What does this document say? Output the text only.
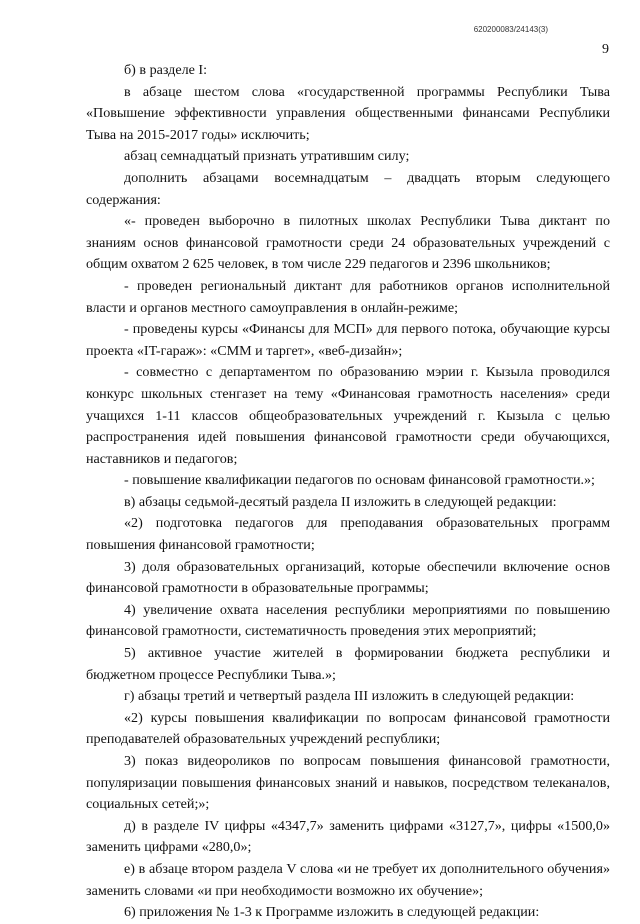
620200083/24143(3)
9

б) в разделе I:

в абзаце шестом слова «государственной программы Республики Тыва «Повышение эффективности управления общественными финансами Республики Тыва на 2015-2017 годы» исключить;

абзац семнадцатый признать утратившим силу;

дополнить абзацами восемнадцатым – двадцать вторым следующего содержания:

«- проведен выборочно в пилотных школах Республики Тыва диктант по знаниям основ финансовой грамотности среди 24 образовательных учреждений с общим охватом 2 625 человек, в том числе 229 педагогов и 2396 школьников;

- проведен региональный диктант для работников органов исполнительной власти и органов местного самоуправления в онлайн-режиме;

- проведены курсы «Финансы для МСП» для первого потока, обучающие курсы проекта «IT-гараж»: «СММ и таргет», «веб-дизайн»;

- совместно с департаментом по образованию мэрии г. Кызыла проводился конкурс школьных стенгазет на тему «Финансовая грамотность населения» среди учащихся 1-11 классов общеобразовательных учреждений г. Кызыла с целью распространения идей повышения финансовой грамотности среди обучающихся, наставников и педагогов;

- повышение квалификации педагогов по основам финансовой грамотности.»;

в) абзацы седьмой-десятый раздела II изложить в следующей редакции:

«2) подготовка педагогов для преподавания образовательных программ повышения финансовой грамотности;

3) доля образовательных организаций, которые обеспечили включение основ финансовой грамотности в образовательные программы;

4) увеличение охвата населения республики мероприятиями по повышению финансовой грамотности, систематичность проведения этих мероприятий;

5) активное участие жителей в формировании бюджета республики и бюджетном процессе Республики Тыва.»;

г) абзацы третий и четвертый раздела III изложить в следующей редакции:

«2) курсы повышения квалификации по вопросам финансовой грамотности преподавателей образовательных учреждений республики;

3) показ видеороликов по вопросам повышения финансовой грамотности, популяризации повышения финансовых знаний и навыков, посредством телеканалов, социальных сетей;»;

д) в разделе IV цифры «4347,7» заменить цифрами «3127,7», цифры «1500,0» заменить цифрами «280,0»;

е) в абзаце втором раздела V слова «и не требует их дополнительного обучения» заменить словами «и при необходимости возможно их обучение»;

6) приложения № 1-3 к Программе изложить в следующей редакции:
